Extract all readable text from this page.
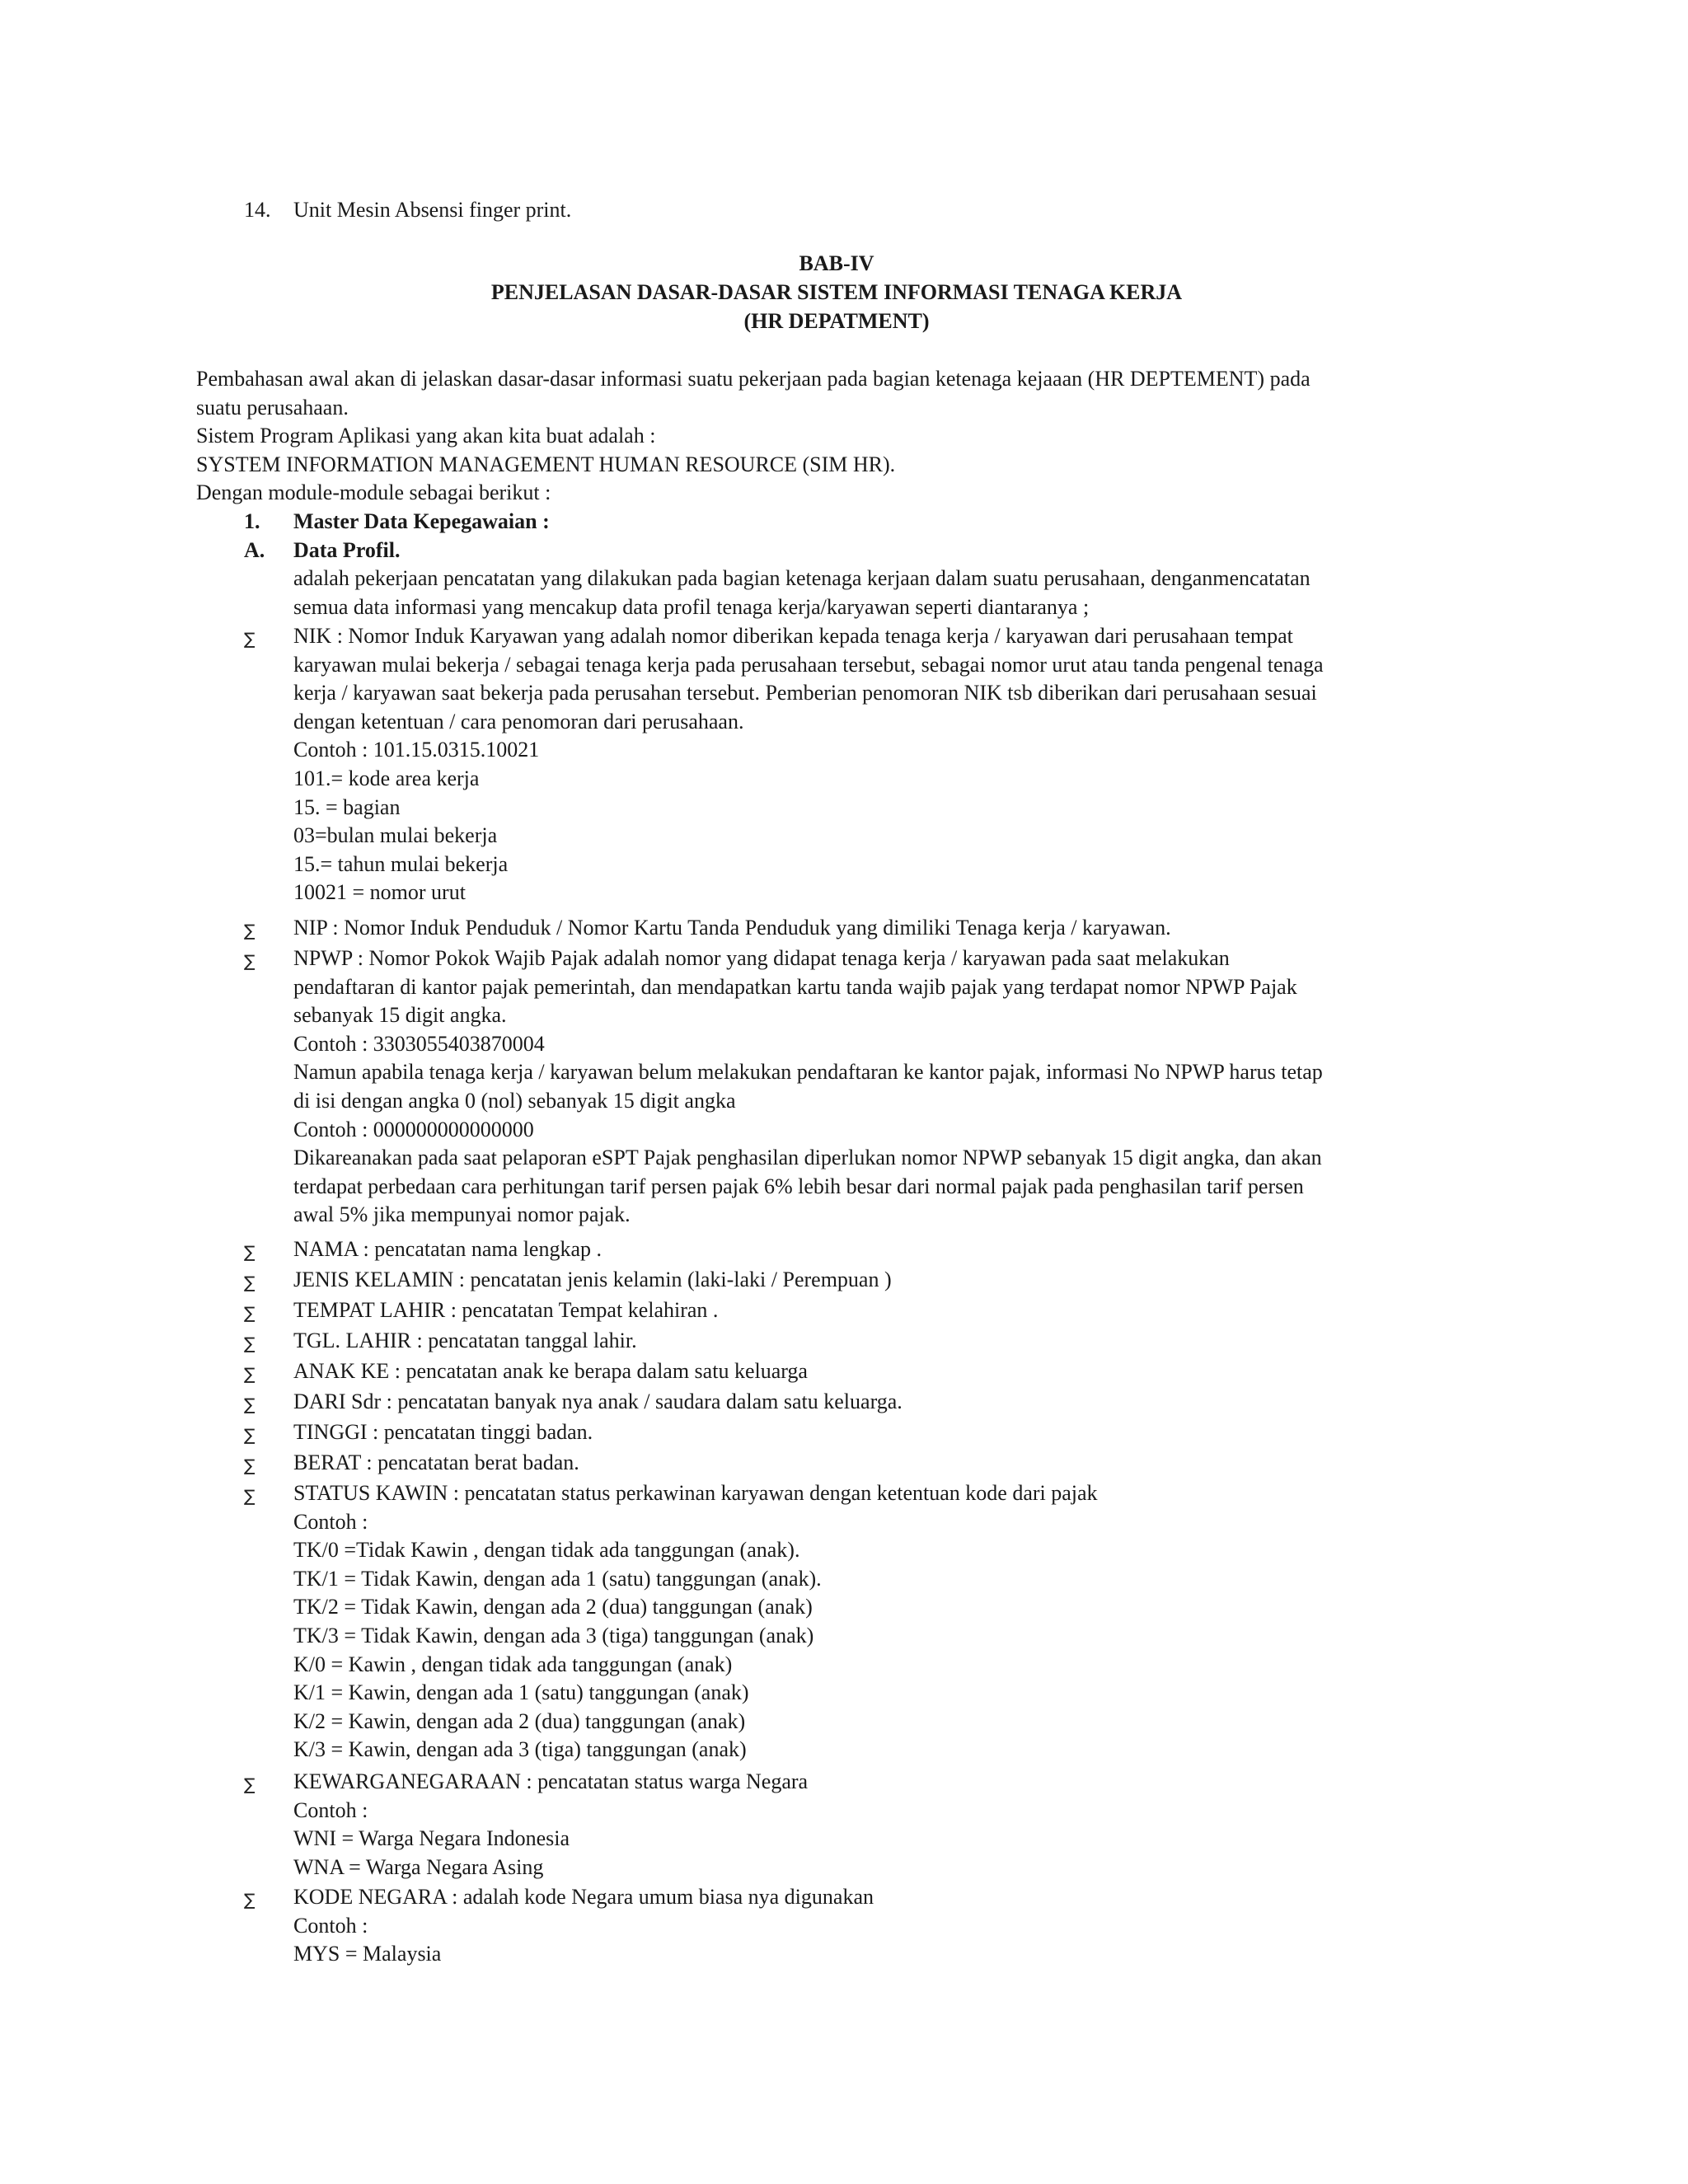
14. Unit Mesin Absensi finger print.
BAB-IV
PENJELASAN DASAR-DASAR SISTEM INFORMASI TENAGA KERJA
(HR DEPATMENT)
Pembahasan awal akan di jelaskan dasar-dasar informasi suatu pekerjaan pada bagian ketenaga kejaaan (HR DEPTEMENT) pada
suatu perusahaan.
Sistem Program Aplikasi yang akan kita buat adalah :
SYSTEM INFORMATION MANAGEMENT HUMAN RESOURCE (SIM HR).
Dengan module-module sebagai berikut :
1. Master Data Kepegawaian :
A. Data Profil.
adalah pekerjaan pencatatan yang dilakukan pada bagian ketenaga kerjaan dalam suatu perusahaan, denganmencatatan
semua data informasi yang mencakup data profil tenaga kerja/karyawan seperti diantaranya ;
∑ NIK : Nomor Induk Karyawan yang adalah nomor diberikan kepada tenaga kerja / karyawan dari perusahaan tempat
karyawan mulai bekerja / sebagai tenaga kerja pada perusahaan tersebut, sebagai nomor urut atau tanda pengenal tenaga
kerja / karyawan saat bekerja pada perusahan tersebut. Pemberian penomoran NIK tsb diberikan dari perusahaan sesuai
dengan ketentuan / cara penomoran dari perusahaan.
Contoh : 101.15.0315.10021
101.= kode area kerja
15. = bagian
03=bulan mulai bekerja
15.= tahun mulai bekerja
10021 = nomor urut
∑ NIP : Nomor Induk Penduduk / Nomor Kartu Tanda Penduduk yang dimiliki Tenaga kerja / karyawan.
∑ NPWP : Nomor Pokok Wajib Pajak adalah nomor yang didapat tenaga kerja / karyawan pada saat melakukan
pendaftaran di kantor pajak pemerintah, dan mendapatkan kartu tanda wajib pajak yang terdapat nomor NPWP Pajak
sebanyak 15 digit angka.
Contoh : 3303055403870004
Namun apabila tenaga kerja / karyawan belum melakukan pendaftaran ke kantor pajak, informasi No NPWP harus tetap
di isi dengan angka 0 (nol) sebanyak 15 digit angka
Contoh : 000000000000000
Dikareanakan pada saat pelaporan eSPT Pajak penghasilan diperlukan nomor NPWP sebanyak 15 digit angka, dan akan
terdapat perbedaan cara perhitungan tarif persen pajak 6% lebih besar dari normal pajak pada penghasilan tarif persen
awal 5% jika mempunyai nomor pajak.
∑ NAMA : pencatatan nama lengkap .
∑ JENIS KELAMIN : pencatatan jenis kelamin (laki-laki / Perempuan )
∑ TEMPAT LAHIR : pencatatan Tempat kelahiran .
∑ TGL. LAHIR : pencatatan tanggal lahir.
∑ ANAK KE : pencatatan anak ke berapa dalam satu keluarga
∑ DARI Sdr : pencatatan banyak nya anak / saudara dalam satu keluarga.
∑ TINGGI : pencatatan tinggi badan.
∑ BERAT : pencatatan berat badan.
∑ STATUS KAWIN : pencatatan status perkawinan karyawan dengan ketentuan kode dari pajak
Contoh :
TK/0 =Tidak Kawin , dengan tidak ada tanggungan (anak).
TK/1 = Tidak Kawin, dengan ada 1 (satu) tanggungan (anak).
TK/2 = Tidak Kawin, dengan ada 2 (dua) tanggungan (anak)
TK/3 = Tidak Kawin, dengan ada 3 (tiga) tanggungan (anak)
K/0 = Kawin , dengan tidak ada tanggungan (anak)
K/1 = Kawin, dengan ada 1 (satu) tanggungan (anak)
K/2 = Kawin, dengan ada 2 (dua) tanggungan (anak)
K/3 = Kawin, dengan ada 3 (tiga) tanggungan (anak)
∑ KEWARGANEGARAAN : pencatatan status warga Negara
Contoh :
WNI = Warga Negara Indonesia
WNA = Warga Negara Asing
∑ KODE NEGARA : adalah kode Negara umum biasa nya digunakan
Contoh :
MYS = Malaysia
